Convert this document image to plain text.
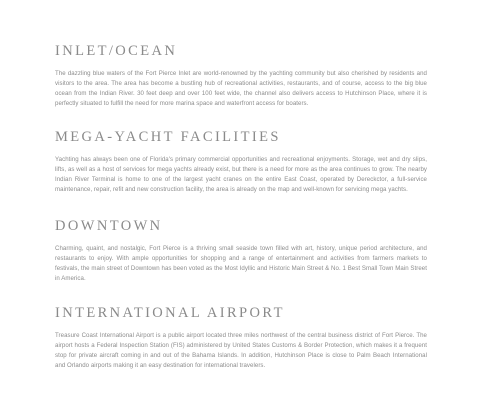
INLET/OCEAN

The dazzling blue waters of the Fort Pierce Inlet are world-renowned by the yachting community but also cherished by residents and visitors to the area. The area has become a bustling hub of recreational activities, restaurants, and of course, access to the big blue ocean from the Indian River. 30 feet deep and over 100 feet wide, the channel also delivers access to Hutchinson Place, where it is perfectly situated to fulfill the need for more marina space and waterfront access for boaters.

MEGA-YACHT FACILITIES

Yachting has always been one of Florida's primary commercial opportunities and recreational enjoyments. Storage, wet and dry slips, lifts, as well as a host of services for mega yachts already exist, but there is a need for more as the area continues to grow. The nearby Indian River Terminal is home to one of the largest yacht cranes on the entire East Coast, operated by Dereckctor, a full-service maintenance, repair, refit and new construction facility, the area is already on the map and well-known for servicing mega yachts.

DOWNTOWN

Charming, quaint, and nostalgic, Fort Pierce is a thriving small seaside town filled with art, history, unique period architecture, and restaurants to enjoy. With ample opportunities for shopping and a range of entertainment and activities from farmers markets to festivals, the main street of Downtown has been voted as the Most Idyllic and Historic Main Street & No. 1 Best Small Town Main Street in America.

INTERNATIONAL AIRPORT

Treasure Coast International Airport is a public airport located three miles northwest of the central business district of Fort Pierce. The airport hosts a Federal Inspection Station (FIS) administered by United States Customs & Border Protection, which makes it a frequent stop for private aircraft coming in and out of the Bahama Islands. In addition, Hutchinson Place is close to Palm Beach International and Orlando airports making it an easy destination for international travelers.
